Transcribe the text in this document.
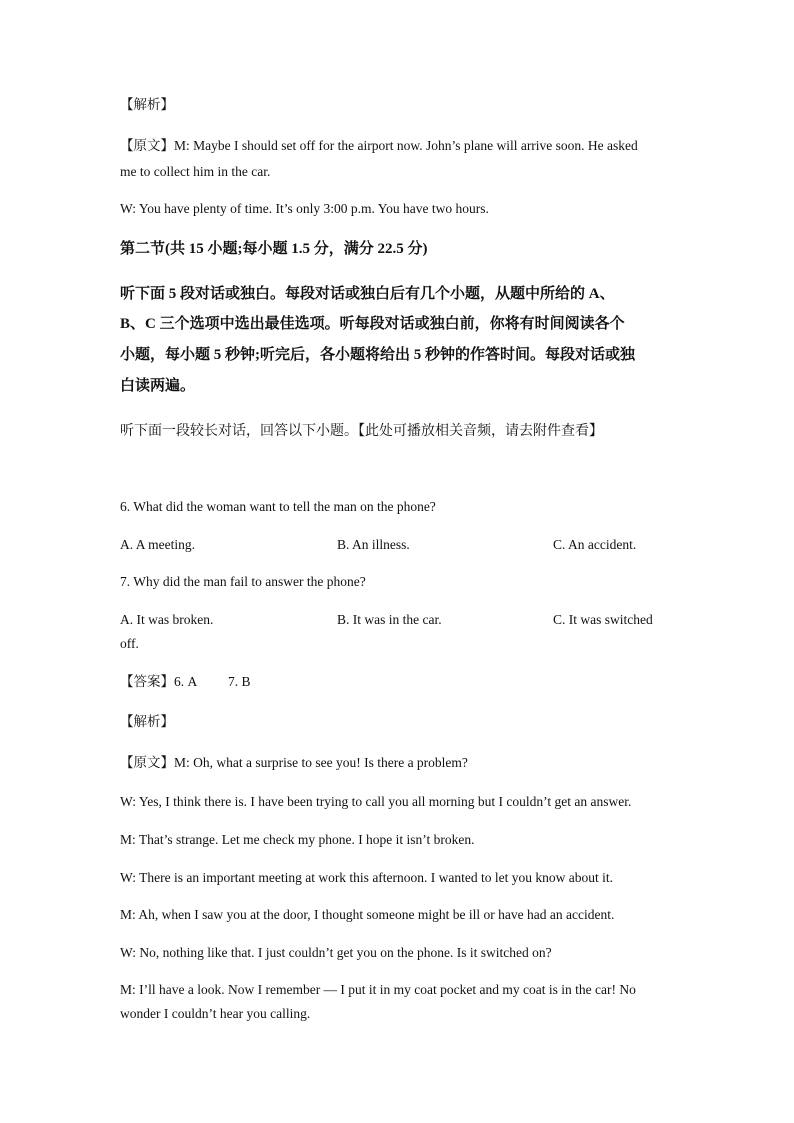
【解析】
【原文】M: Maybe I should set off for the airport now. John’s plane will arrive soon. He asked
me to collect him in the car.
W: You have plenty of time. It’s only 3:00 p.m. You have two hours.
第二节(共 15 小题;每小题 1.5 分，满分 22.5 分)
听下面 5 段对话或独白。每段对话或独白后有几个小题，从题中所给的 A、
B、C 三个选项中选出最佳选项。听每段对话或独白前，你将有时间阅读各个
小题，每小题 5 秒钟;听完后，各小题将给出 5 秒钟的作答时间。每段对话或独
白读两遍。
听下面一段较长对话，回答以下小题。【此处可播放相关音频，请去附件查看】
6. What did the woman want to tell the man on the phone?
A. A meeting.	B. An illness.	C. An accident.
7. Why did the man fail to answer the phone?
A. It was broken.	B. It was in the car.	C. It was switched
off.
【答案】6. A 7. B
【解析】
【原文】M: Oh, what a surprise to see you! Is there a problem?
W: Yes, I think there is. I have been trying to call you all morning but I couldn’t get an answer.
M: That’s strange. Let me check my phone. I hope it isn’t broken.
W: There is an important meeting at work this afternoon. I wanted to let you know about it.
M: Ah, when I saw you at the door, I thought someone might be ill or have had an accident.
W: No, nothing like that. I just couldn’t get you on the phone. Is it switched on?
M: I’ll have a look. Now I remember — I put it in my coat pocket and my coat is in the car! No
wonder I couldn’t hear you calling.
